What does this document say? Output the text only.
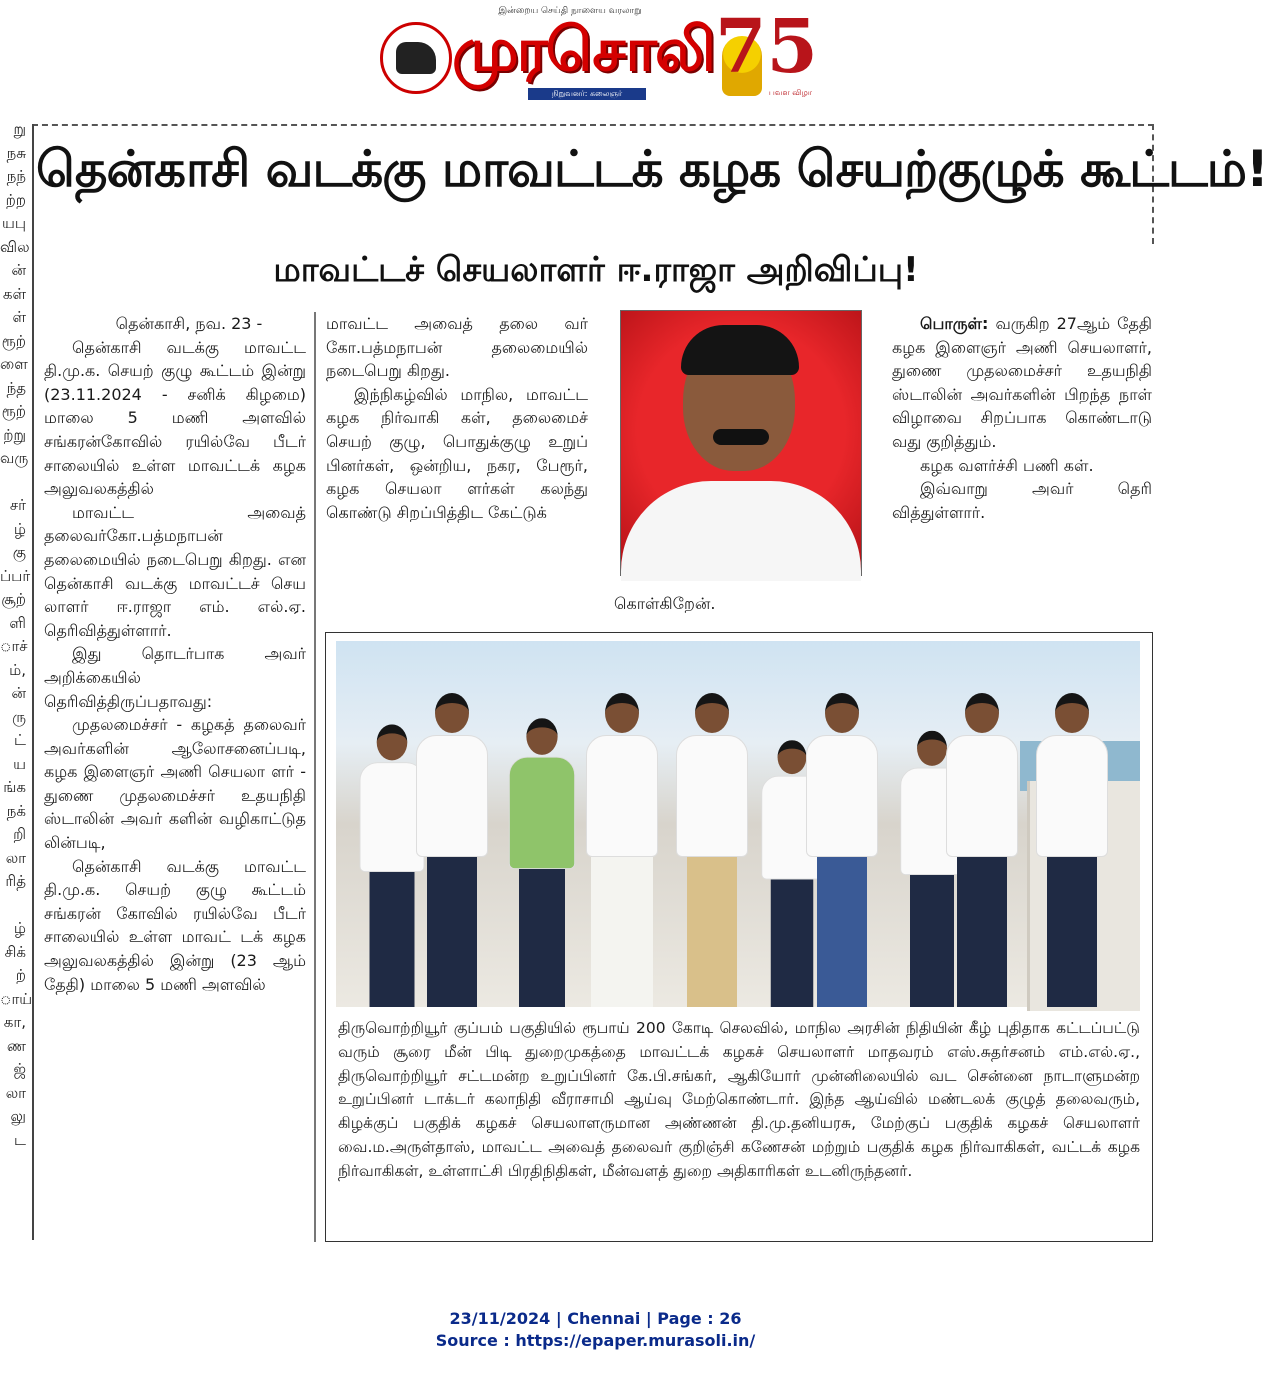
இன்றைய செய்தி நாளைய வரலாறு
முரசொலி
நிறுவனர்: கலைஞர் மு.கருணாநிதி
75
பவள விழா
று
நசு
நந்
ற்ற
யபு
வில
ன்
கள்
ள்
ரூற்
ளை
ந்த
ரூற்
ற்று
வரு
சர்
ழ்
கு
ப்பர்
சூற்
ளி
ாச்
ம்,
ன்
ரு
ட்
ய
ங்க
நக்
றி
லா
ரித்
ழ்
சிக்
ற்
ாய்
கா,
ண
ஜ்
லா
லு
ட
தென்காசி வடக்கு மாவட்டக் கழக செயற்குழுக் கூட்டம்!
மாவட்டச் செயலாளர் ஈ.ராஜா அறிவிப்பு!

தென்காசி, நவ. 23 -

தென்காசி வடக்கு மாவட்ட தி.மு.க. செயற் குழு கூட்டம் இன்று (23.11.2024 - சனிக் கிழமை) மாலை 5 மணி அளவில் சங்கரன்கோவில் ரயில்வே பீடர் சாலையில் உள்ள மாவட்டக் கழக அலுவலகத்தில்

மாவட்ட அவைத் தலைவர்கோ.பத்மநாபன் தலைமையில் நடைபெறு கிறது. என தென்காசி வடக்கு மாவட்டச் செய லாளர் ஈ.ராஜா எம். எல்.ஏ. தெரிவித்துள்ளார்.

இது தொடர்பாக அவர் அறிக்கையில் தெரிவித்திருப்பதாவது:

முதலமைச்சர் - கழகத் தலைவர் அவர்களின் ஆலோசனைப்படி, கழக இளைஞர் அணி செயலா ளர் - துணை முதலமைச்சர் உதயநிதி ஸ்டாலின் அவர் களின் வழிகாட்டுத லின்படி,

தென்காசி வடக்கு மாவட்ட தி.மு.க. செயற் குழு கூட்டம் சங்கரன் கோவில் ரயில்வே பீடர் சாலையில் உள்ள மாவட் டக் கழக அலுவலகத்தில் இன்று (23 ஆம் தேதி) மாலை 5 மணி அளவில்

மாவட்ட அவைத் தலை வர் கோ.பத்மநாபன் தலைமையில் நடைபெறு கிறது.

இந்நிகழ்வில் மாநில, மாவட்ட கழக நிர்வாகி கள், தலைமைச் செயற் குழு, பொதுக்குழு உறுப் பினர்கள், ஒன்றிய, நகர, பேரூர், கழக செயலா ளர்கள் கலந்து கொண்டு சிறப்பித்திட கேட்டுக்

கொள்கிறேன்.

பொருள்: வருகிற 27ஆம் தேதி கழக இளைஞர் அணி செயலாளர், துணை முதலமைச்சர் உதயநிதி ஸ்டாலின் அவர்களின் பிறந்த நாள் விழாவை சிறப்பாக கொண்டாடு வது குறித்தும்.

கழக வளர்ச்சி பணி கள்.

இவ்வாறு அவர் தெரி வித்துள்ளார்.

திருவொற்றியூர் குப்பம் பகுதியில் ரூபாய் 200 கோடி செலவில், மாநில அரசின் நிதியின் கீழ் புதிதாக கட்டப்பட்டு வரும் சூரை மீன் பிடி துறைமுகத்தை மாவட்டக் கழகச் செயலாளர் மாதவரம் எஸ்.சுதர்சனம் எம்.எல்.ஏ., திருவொற்றியூர் சட்டமன்ற உறுப்பினர் கே.பி.சங்கர், ஆகியோர் முன்னிலையில் வட சென்னை நாடாளுமன்ற உறுப்பினர் டாக்டர் கலாநிதி வீராசாமி ஆய்வு மேற்கொண்டார். இந்த ஆய்வில் மண்டலக் குழுத் தலைவரும், கிழக்குப் பகுதிக் கழகச் செயலாளருமான அண்ணன் தி.மு.தனியரசு, மேற்குப் பகுதிக் கழகச் செயலாளர் வை.ம.அருள்தாஸ், மாவட்ட அவைத் தலைவர் குறிஞ்சி கணேசன் மற்றும் பகுதிக் கழக நிர்வாகிகள், வட்டக் கழக நிர்வாகிகள், உள்ளாட்சி பிரதிநிதிகள், மீன்வளத் துறை அதிகாரிகள் உடனிருந்தனர்.

23/11/2024 | Chennai | Page : 26
Source : https://epaper.murasoli.in/
